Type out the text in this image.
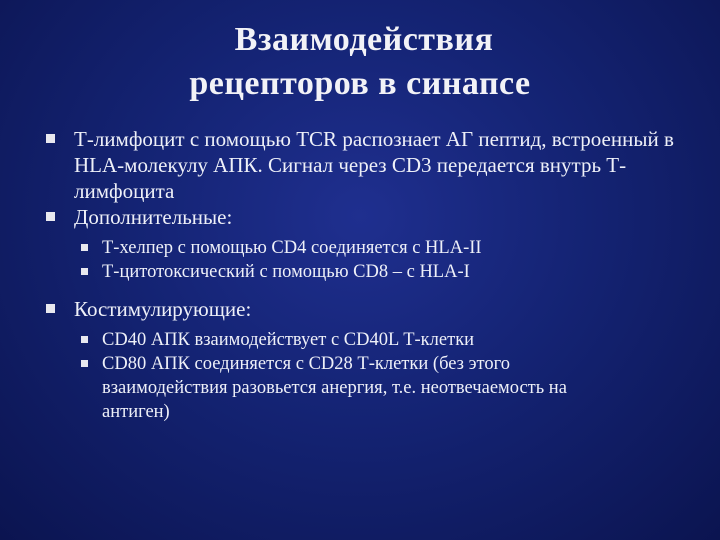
Взаимодействия
рецепторов в синапсе
Т-лимфоцит с помощью TCR распознает АГ пептид, встроенный в HLA-молекулу АПК. Сигнал через CD3 передается внутрь Т-лимфоцита
Дополнительные:
Т-хелпер с помощью CD4 соединяется с HLA-II
Т-цитотоксический с помощью CD8 – с HLA-I
Костимулирующие:
CD40 АПК взаимодействует с CD40L Т-клетки
CD80 АПК соединяется с CD28 Т-клетки (без этого взаимодействия разовьется анергия, т.е. неотвечаемость на антиген)
